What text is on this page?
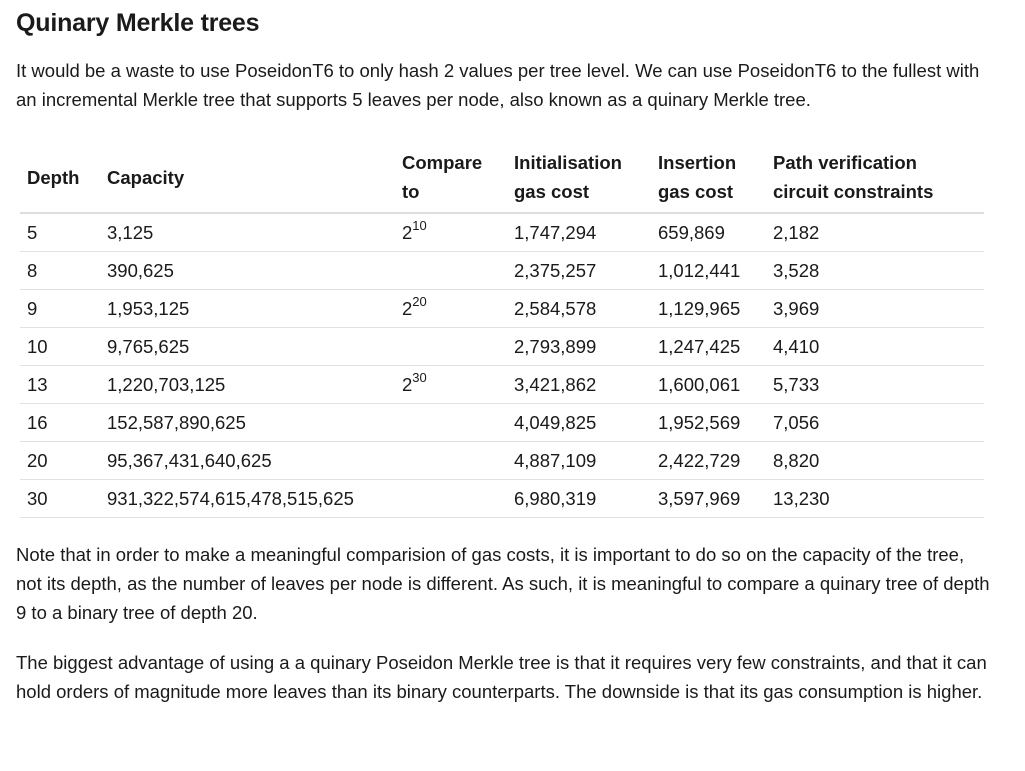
Quinary Merkle trees

It would be a waste to use PoseidonT6 to only hash 2 values per tree level. We can use PoseidonT6 to the fullest with an incremental Merkle tree that supports 5 leaves per node, also known as a quinary Merkle tree.

Depth	Capacity	Compare to	Initialisation gas cost	Insertion gas cost	Path verification circuit constraints
5	3,125	$2^{10}$	1,747,294	659,869	2,182
8	390,625		2,375,257	1,012,441	3,528
9	1,953,125	$2^{20}$	2,584,578	1,129,965	3,969
10	9,765,625		2,793,899	1,247,425	4,410
13	1,220,703,125	$2^{30}$	3,421,862	1,600,061	5,733
16	152,587,890,625		4,049,825	1,952,569	7,056
20	95,367,431,640,625		4,887,109	2,422,729	8,820
30	931,322,574,615,478,515,625		6,980,319	3,597,969	13,230

Note that in order to make a meaningful comparision of gas costs, it is important to do so on the capacity of the tree, not its depth, as the number of leaves per node is different. As such, it is meaningful to compare a quinary tree of depth 9 to a binary tree of depth 20.

The biggest advantage of using a a quinary Poseidon Merkle tree is that it requires very few constraints, and that it can hold orders of magnitude more leaves than its binary counterparts. The downside is that its gas consumption is higher.
